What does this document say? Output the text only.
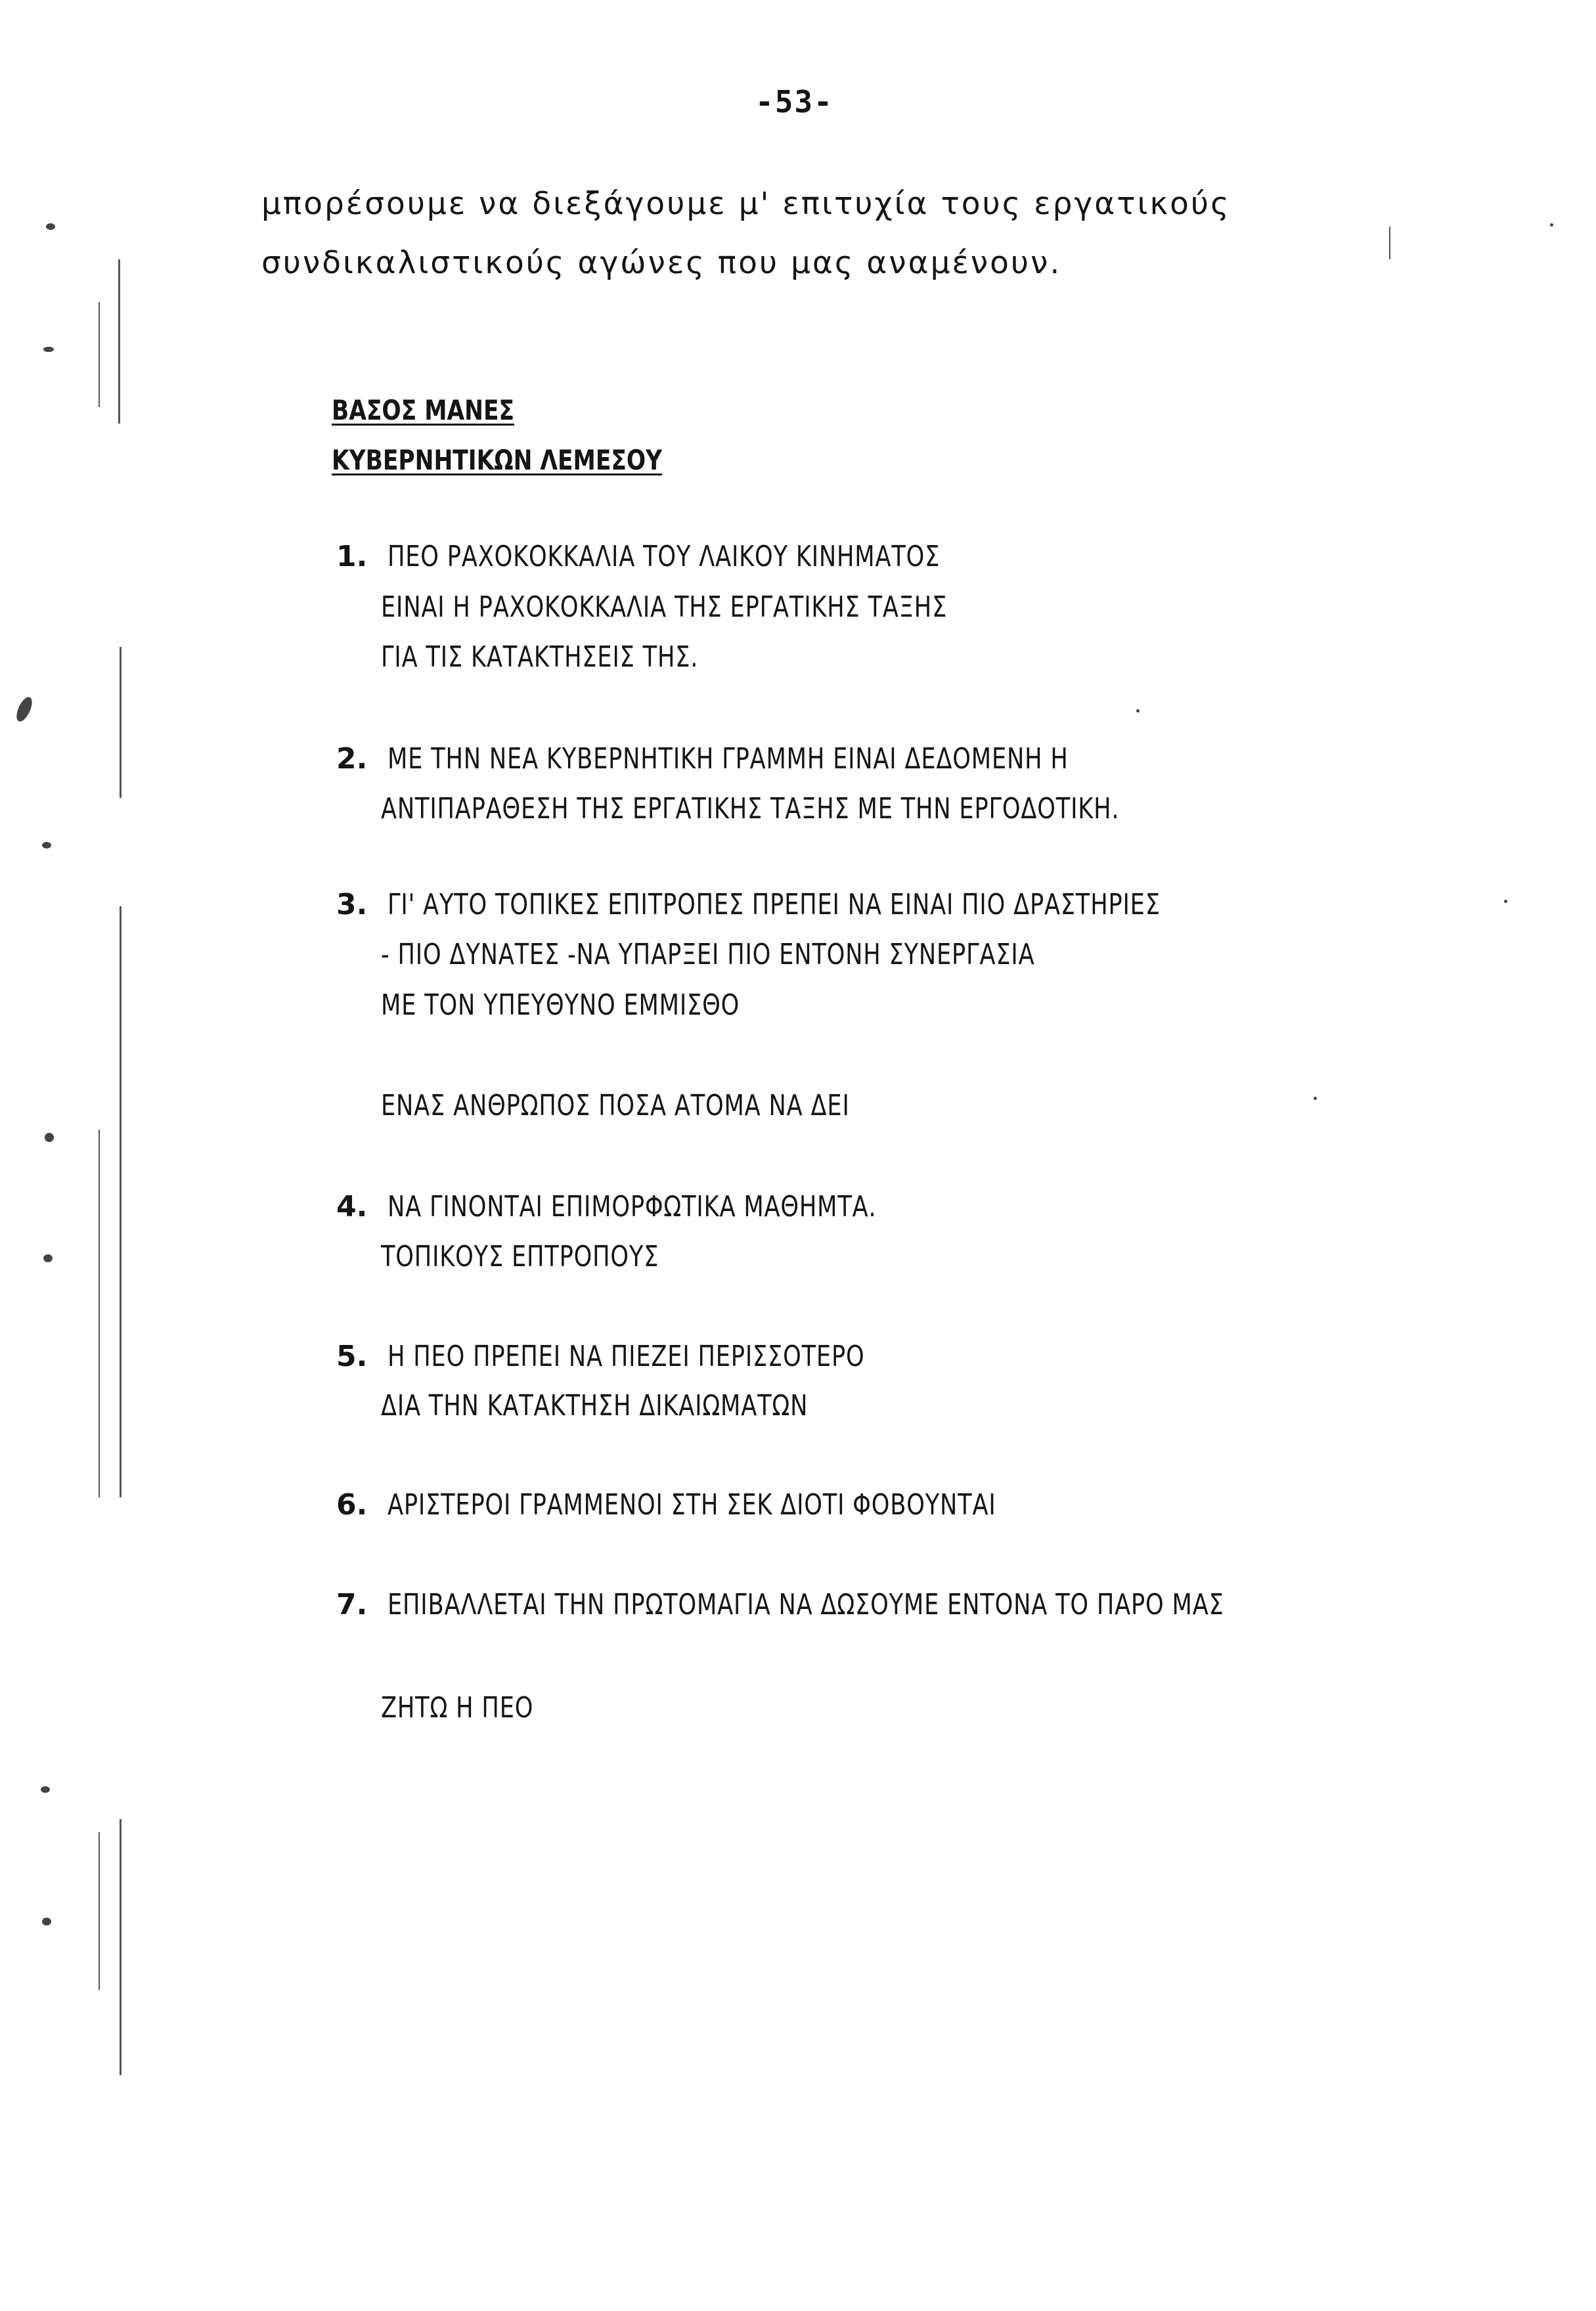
-53-
μπορέσουμε να διεξάγουμε μ' επιτυχία τους εργατικούς
συνδικαλιστικούς αγώνες που μας αναμένουν.
ΒΑΣΟΣ ΜΑΝΕΣ
ΚΥΒΕΡΝΗΤΙΚΩΝ ΛΕΜΕΣΟΥ
1. ΠΕΟ ΡΑΧΟΚΟΚΚΑΛΙΑ ΤΟΥ ΛΑΙΚΟΥ ΚΙΝΗΜΑΤΟΣ
ΕΙΝΑΙ Η ΡΑΧΟΚΟΚΚΑΛΙΑ ΤΗΣ ΕΡΓΑΤΙΚΗΣ ΤΑΞΗΣ
ΓΙΑ ΤΙΣ ΚΑΤΑΚΤΗΣΕΙΣ ΤΗΣ.
2. ΜΕ ΤΗΝ ΝΕΑ ΚΥΒΕΡΝΗΤΙΚΗ ΓΡΑΜΜΗ ΕΙΝΑΙ ΔΕΔΟΜΕΝΗ Η
ΑΝΤΙΠΑΡΑΘΕΣΗ ΤΗΣ ΕΡΓΑΤΙΚΗΣ ΤΑΞΗΣ ΜΕ ΤΗΝ ΕΡΓΟΔΟΤΙΚΗ.
3. ΓΙ' ΑΥΤΟ ΤΟΠΙΚΕΣ ΕΠΙΤΡΟΠΕΣ ΠΡΕΠΕΙ ΝΑ ΕΙΝΑΙ ΠΙΟ ΔΡΑΣΤΗΡΙΕΣ
- ΠΙΟ ΔΥΝΑΤΕΣ -ΝΑ ΥΠΑΡΞΕΙ ΠΙΟ ΕΝΤΟΝΗ ΣΥΝΕΡΓΑΣΙΑ
ΜΕ ΤΟΝ ΥΠΕΥΘΥΝΟ ΕΜΜΙΣΘΟ
ΕΝΑΣ ΑΝΘΡΩΠΟΣ ΠΟΣΑ ΑΤΟΜΑ ΝΑ ΔΕΙ
4. ΝΑ ΓΙΝΟΝΤΑΙ ΕΠΙΜΟΡΦΩΤΙΚΑ ΜΑΘΗΜΤΑ.
ΤΟΠΙΚΟΥΣ ΕΠΤΡΟΠΟΥΣ
5. Η ΠΕΟ ΠΡΕΠΕΙ ΝΑ ΠΙΕΖΕΙ ΠΕΡΙΣΣΟΤΕΡΟ
ΔΙΑ ΤΗΝ ΚΑΤΑΚΤΗΣΗ ΔΙΚΑΙΩΜΑΤΩΝ
6. ΑΡΙΣΤΕΡΟΙ ΓΡΑΜΜΕΝΟΙ ΣΤΗ ΣΕΚ ΔΙΟΤΙ ΦΟΒΟΥΝΤΑΙ
7. ΕΠΙΒΑΛΛΕΤΑΙ ΤΗΝ ΠΡΩΤΟΜΑΓΙΑ ΝΑ ΔΩΣΟΥΜΕ ΕΝΤΟΝΑ ΤΟ ΠΑΡΟ ΜΑΣ
ΖΗΤΩ Η ΠΕΟ
